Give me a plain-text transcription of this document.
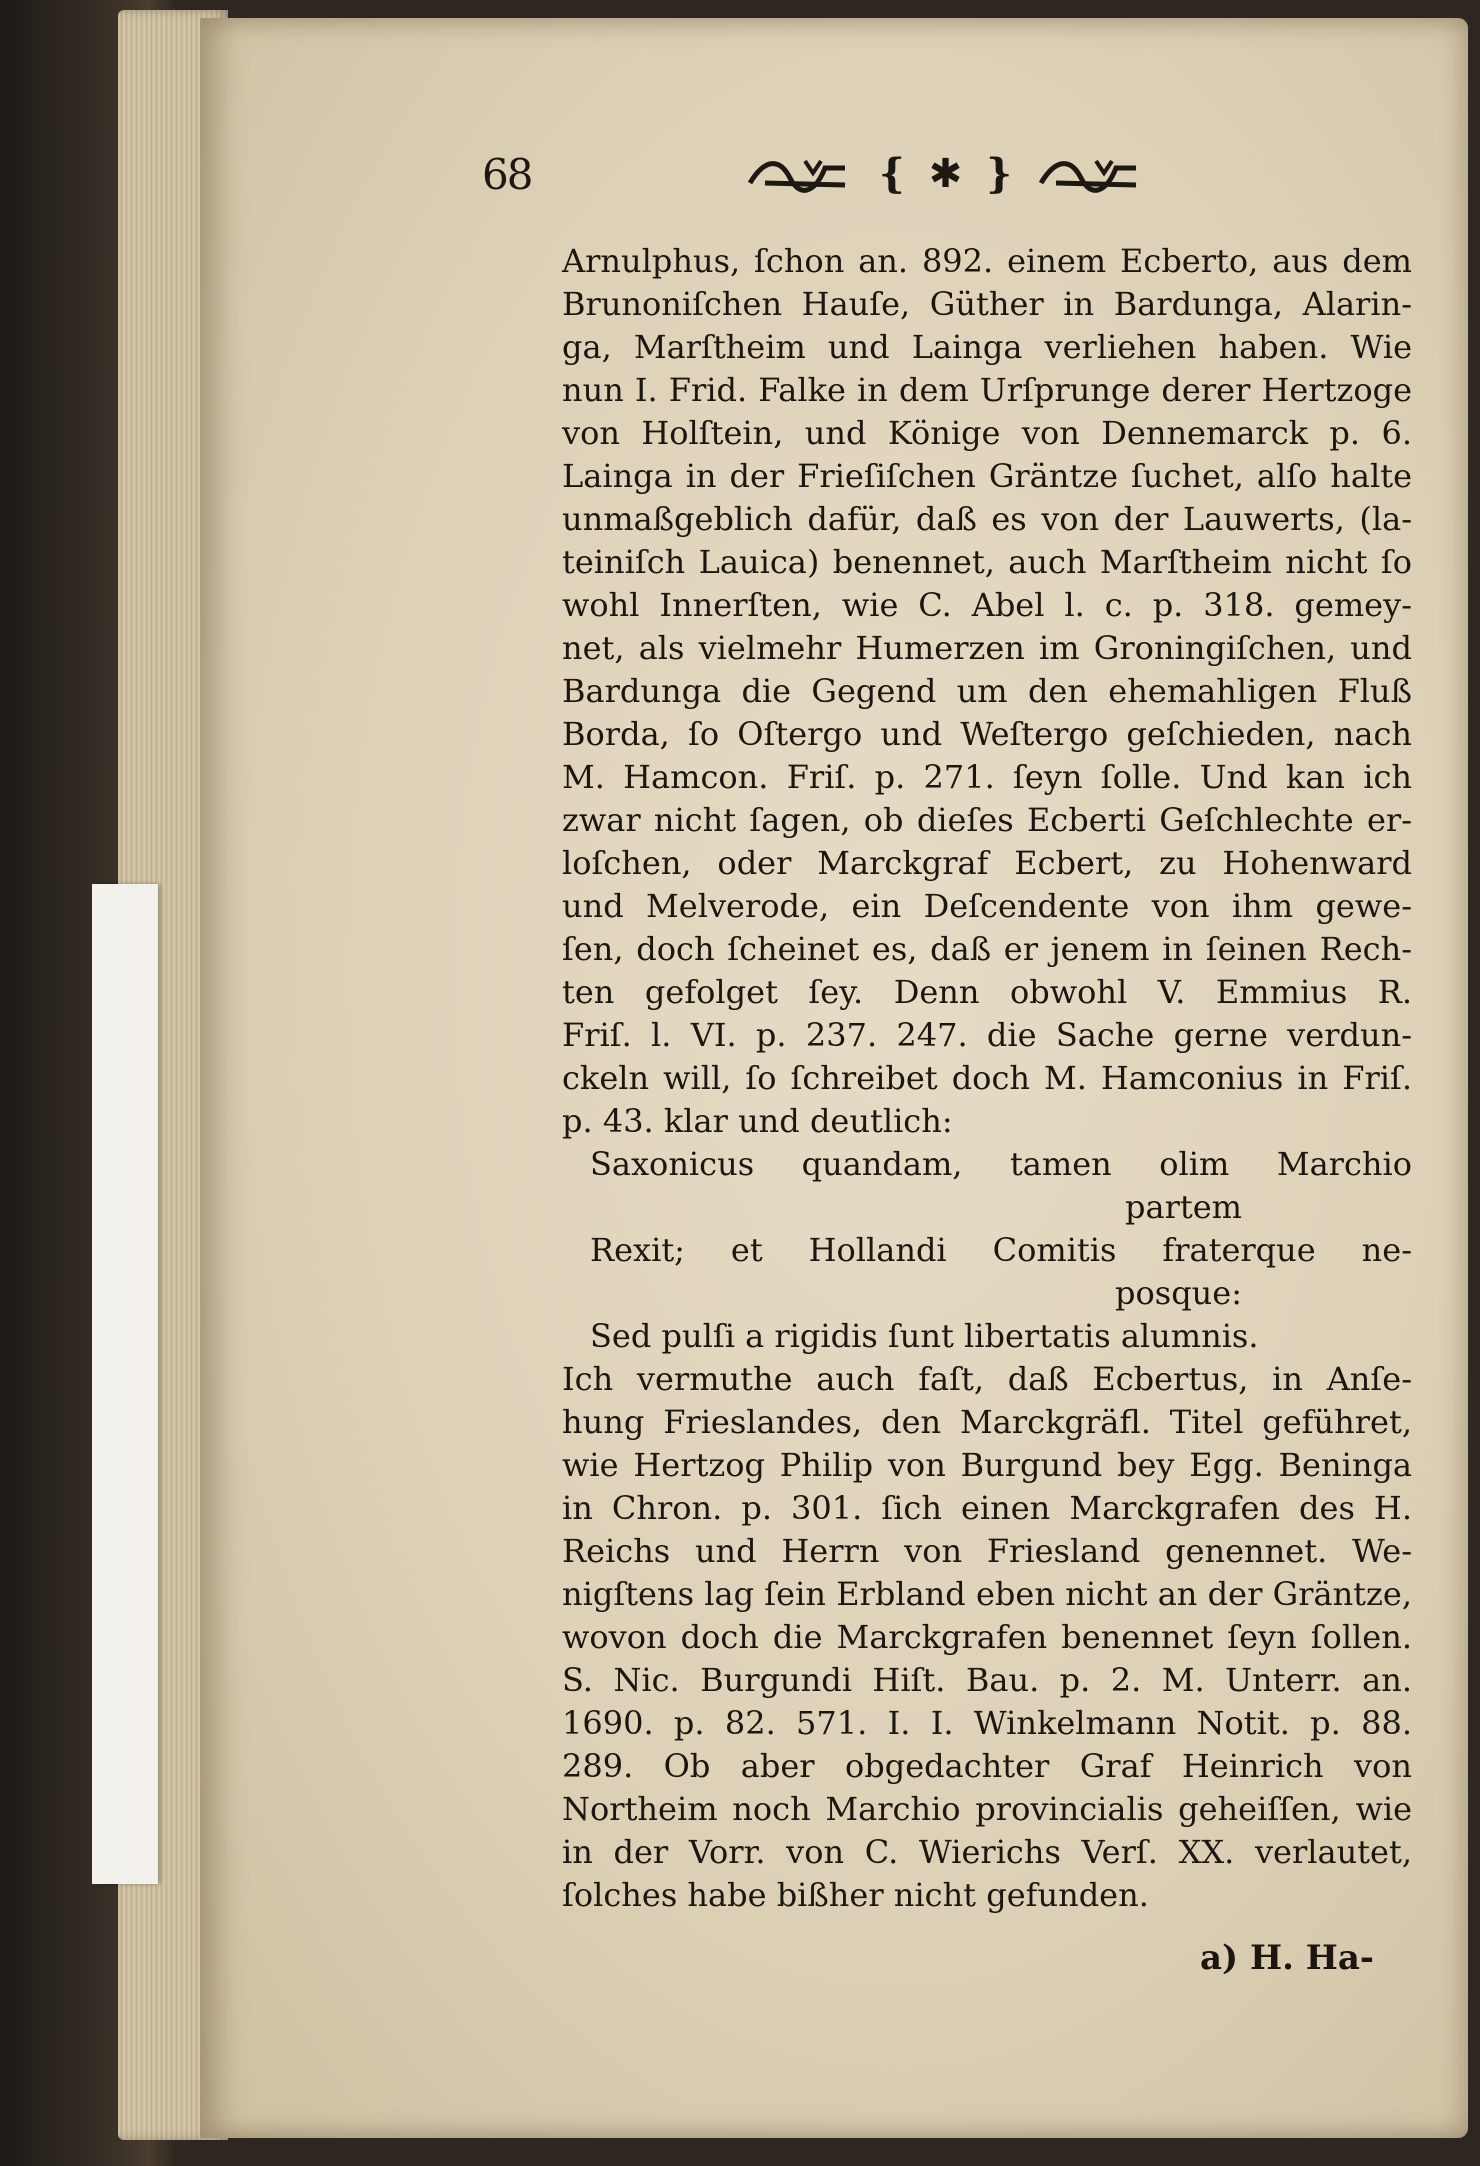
68	{ ✱ }
Arnulphus, ſchon an. 892. einem Ecberto, aus dem
Brunoniſchen Hauſe, Güther in Bardunga, Alarin-
ga, Marſtheim und Lainga verliehen haben. Wie
nun I. Frid. Falke in dem Urſprunge derer Hertzoge
von Holſtein, und Könige von Dennemarck p. 6.
Lainga in der Frieſiſchen Gräntze ſuchet, alſo halte
unmaßgeblich dafür, daß es von der Lauwerts, (la-
teiniſch Lauica) benennet, auch Marſtheim nicht ſo
wohl Innerſten, wie C. Abel l. c. p. 318. gemey-
net, als vielmehr Humerzen im Groningiſchen, und
Bardunga die Gegend um den ehemahligen Fluß
Borda, ſo Oſtergo und Weſtergo geſchieden, nach
M. Hamcon. Friſ. p. 271. ſeyn ſolle. Und kan ich
zwar nicht ſagen, ob dieſes Ecberti Geſchlechte er-
loſchen, oder Marckgraf Ecbert, zu Hohenward
und Melverode, ein Deſcendente von ihm gewe-
ſen, doch ſcheinet es, daß er jenem in ſeinen Rech-
ten gefolget ſey. Denn obwohl V. Emmius R.
Friſ. l. VI. p. 237. 247. die Sache gerne verdun-
ckeln will, ſo ſchreibet doch M. Hamconius in Friſ.
p. 43. klar und deutlich:
Saxonicus quandam, tamen olim Marchio
partem
Rexit; et Hollandi Comitis fraterque ne-
posque:
Sed pulſi a rigidis ſunt libertatis alumnis.
Ich vermuthe auch faſt, daß Ecbertus, in Anſe-
hung Frieslandes, den Marckgräfl. Titel geführet,
wie Hertzog Philip von Burgund bey Egg. Beninga
in Chron. p. 301. ſich einen Marckgrafen des H.
Reichs und Herrn von Friesland genennet. We-
nigſtens lag ſein Erbland eben nicht an der Gräntze,
wovon doch die Marckgrafen benennet ſeyn ſollen.
S. Nic. Burgundi Hiſt. Bau. p. 2. M. Unterr. an.
1690. p. 82. 571. I. I. Winkelmann Notit. p. 88.
289. Ob aber obgedachter Graf Heinrich von
Northeim noch Marchio provincialis geheiſſen, wie
in der Vorr. von C. Wierichs Verſ. XX. verlautet,
ſolches habe bißher nicht gefunden.
a) H. Ha-
